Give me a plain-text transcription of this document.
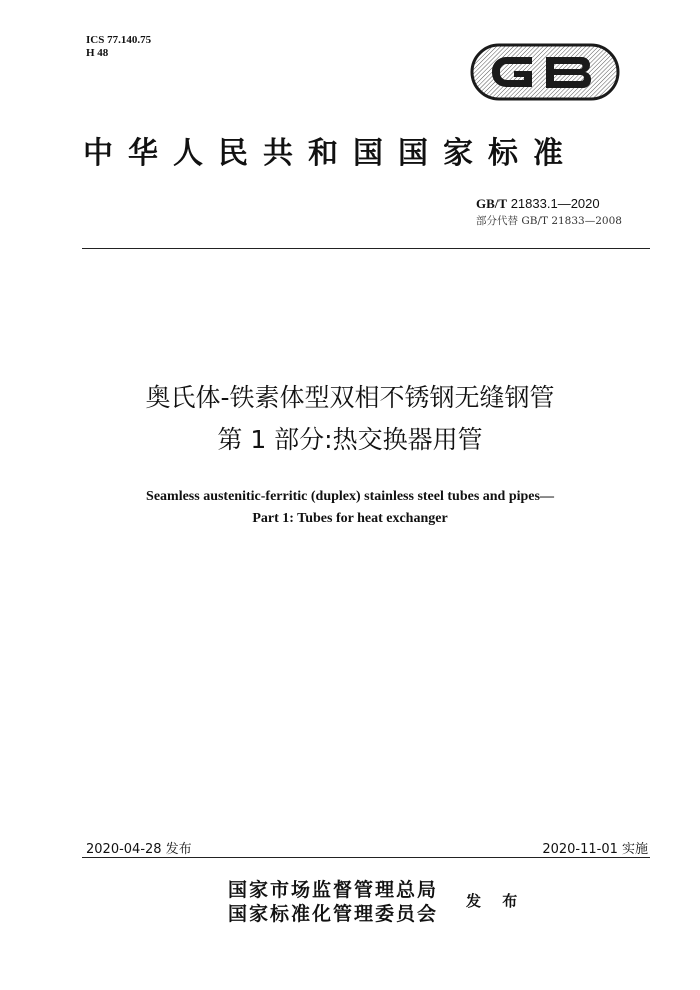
ICS 77.140.75
H 48
中华人民共和国国家标准
GB/T 21833.1—2020
部分代替 GB/T 21833—2008
奥氏体-铁素体型双相不锈钢无缝钢管
第 1 部分:热交换器用管
Seamless austenitic-ferritic (duplex) stainless steel tubes and pipes—
Part 1: Tubes for heat exchanger
2020-04-28 发布	2020-11-01 实施
国家市场监督管理总局
国家标准化管理委员会
发 布
